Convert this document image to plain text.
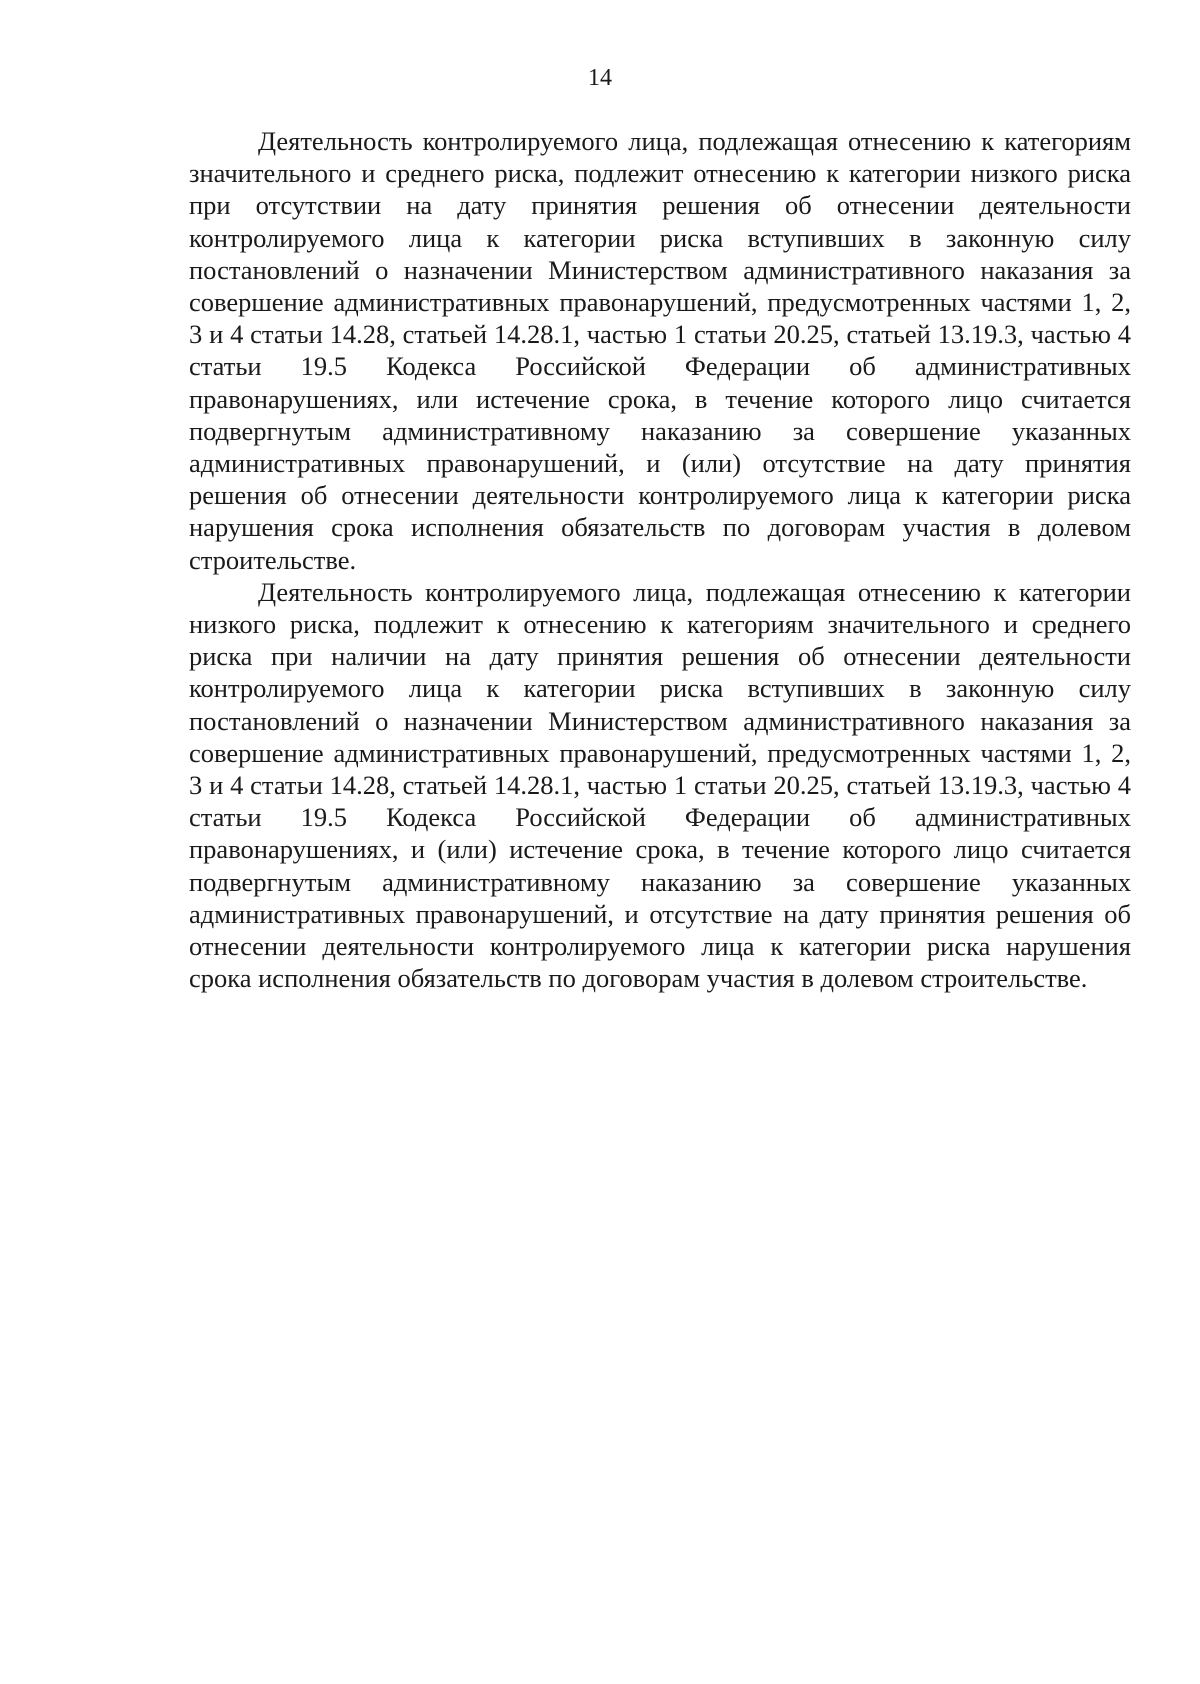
14

Деятельность контролируемого лица, подлежащая отнесению к категориям значительного и среднего риска, подлежит отнесению к категории низкого риска при отсутствии на дату принятия решения об отнесении деятельности контролируемого лица к категории риска вступивших в законную силу постановлений о назначении Министерством административного наказания за совершение административных правонарушений, предусмотренных частями 1, 2, 3 и 4 статьи 14.28, статьей 14.28.1, частью 1 статьи 20.25, статьей 13.19.3, частью 4 статьи 19.5 Кодекса Российской Федерации об административных правонарушениях, или истечение срока, в течение которого лицо считается подвергнутым административному наказанию за совершение указанных административных правонарушений, и (или) отсутствие на дату принятия решения об отнесении деятельности контролируемого лица к категории риска нарушения срока исполнения обязательств по договорам участия в долевом строительстве.

Деятельность контролируемого лица, подлежащая отнесению к категории низкого риска, подлежит к отнесению к категориям значительного и среднего риска при наличии на дату принятия решения об отнесении деятельности контролируемого лица к категории риска вступивших в законную силу постановлений о назначении Министерством административного наказания за совершение административных правонарушений, предусмотренных частями 1, 2, 3 и 4 статьи 14.28, статьей 14.28.1, частью 1 статьи 20.25, статьей 13.19.3, частью 4 статьи 19.5 Кодекса Российской Федерации об административных правонарушениях, и (или) истечение срока, в течение которого лицо считается подвергнутым административному наказанию за совершение указанных административных правонарушений, и отсутствие на дату принятия решения об отнесении деятельности контролируемого лица к категории риска нарушения срока исполнения обязательств по договорам участия в долевом строительстве.
